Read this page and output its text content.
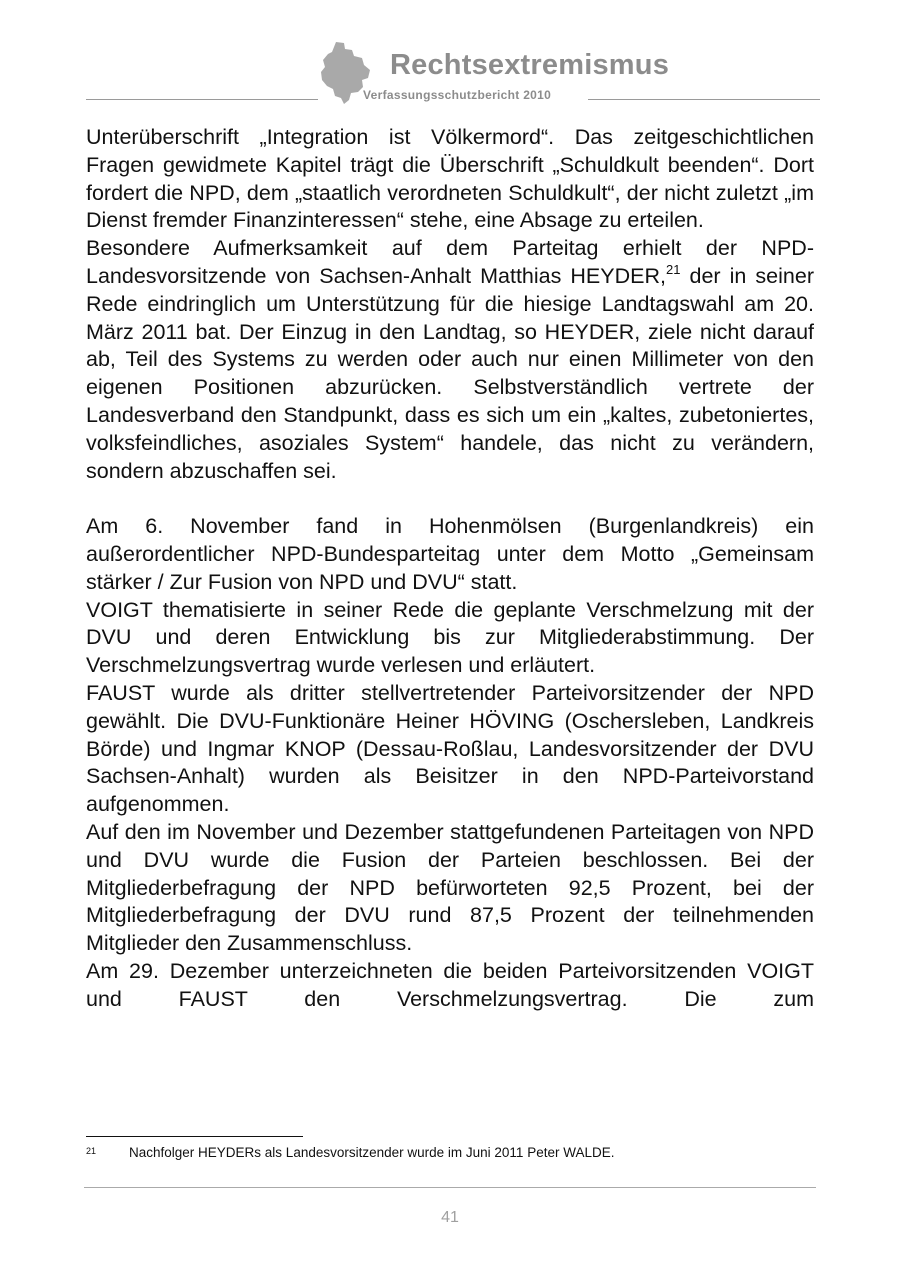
Rechtsextremismus
Verfassungsschutzbericht 2010

Unterüberschrift „Integration ist Völkermord“. Das zeitgeschichtlichen Fragen gewidmete Kapitel trägt die Überschrift „Schuldkult beenden“. Dort fordert die NPD, dem „staatlich verordneten Schuldkult“, der nicht zuletzt „im Dienst fremder Finanzinteressen“ stehe, eine Absage zu erteilen.

Besondere Aufmerksamkeit auf dem Parteitag erhielt der NPD-Landesvorsitzende von Sachsen-Anhalt Matthias HEYDER,$^{21}$ der in seiner Rede eindringlich um Unterstützung für die hiesige Landtagswahl am 20. März 2011 bat. Der Einzug in den Landtag, so HEYDER, ziele nicht darauf ab, Teil des Systems zu werden oder auch nur einen Millimeter von den eigenen Positionen abzurücken. Selbstverständlich vertrete der Landesverband den Standpunkt, dass es sich um ein „kaltes, zubetoniertes, volksfeindliches, asoziales System“ handele, das nicht zu verändern, sondern abzuschaffen sei.

Am 6. November fand in Hohenmölsen (Burgenlandkreis) ein außerordentlicher NPD-Bundesparteitag unter dem Motto „Gemeinsam stärker / Zur Fusion von NPD und DVU“ statt.

VOIGT thematisierte in seiner Rede die geplante Verschmelzung mit der DVU und deren Entwicklung bis zur Mitgliederabstimmung. Der Verschmelzungsvertrag wurde verlesen und erläutert.

FAUST wurde als dritter stellvertretender Parteivorsitzender der NPD gewählt. Die DVU-Funktionäre Heiner HÖVING (Oschersleben, Landkreis Börde) und Ingmar KNOP (Dessau-Roßlau, Landesvorsitzender der DVU Sachsen-Anhalt) wurden als Beisitzer in den NPD-Parteivorstand aufgenommen.

Auf den im November und Dezember stattgefundenen Parteitagen von NPD und DVU wurde die Fusion der Parteien beschlossen. Bei der Mitgliederbefragung der NPD befürworteten 92,5 Prozent, bei der Mitgliederbefragung der DVU rund 87,5 Prozent der teilnehmenden Mitglieder den Zusammenschluss.

Am 29. Dezember unterzeichneten die beiden Parteivorsitzenden VOIGT und FAUST den Verschmelzungsvertrag. Die zum

21 Nachfolger HEYDERs als Landesvorsitzender wurde im Juni 2011 Peter WALDE.
41
